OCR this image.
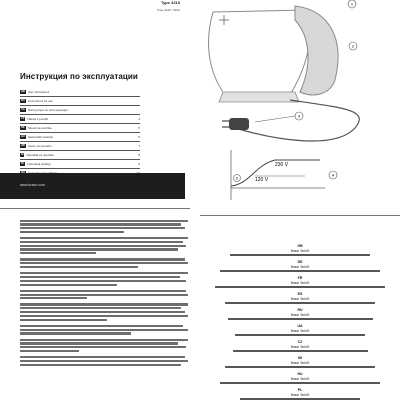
Type 3215
Type 3215 / 3216
Инструкция по эксплуатации
GB	Use instructions
RU	Instructions for use
UA	Инструкция по эксплуатации
CZ	Návod k použití	4
SK	Návod na použitie	5
HU	Használati utasítás	6
HR	Upute za uporabu	7
SI	Navodila za uporabo	8
PL	Instrukcja obsługi	9
www.braun.com
1
2
3
230 V
120 V
4
5
GB
Braun GmbH
DE
Braun GmbH
FR
Braun GmbH
ES
Braun GmbH
RU
Braun GmbH
UA
Braun GmbH
CZ
Braun GmbH
SK
Braun GmbH
HU
Braun GmbH
PL
Braun GmbH
